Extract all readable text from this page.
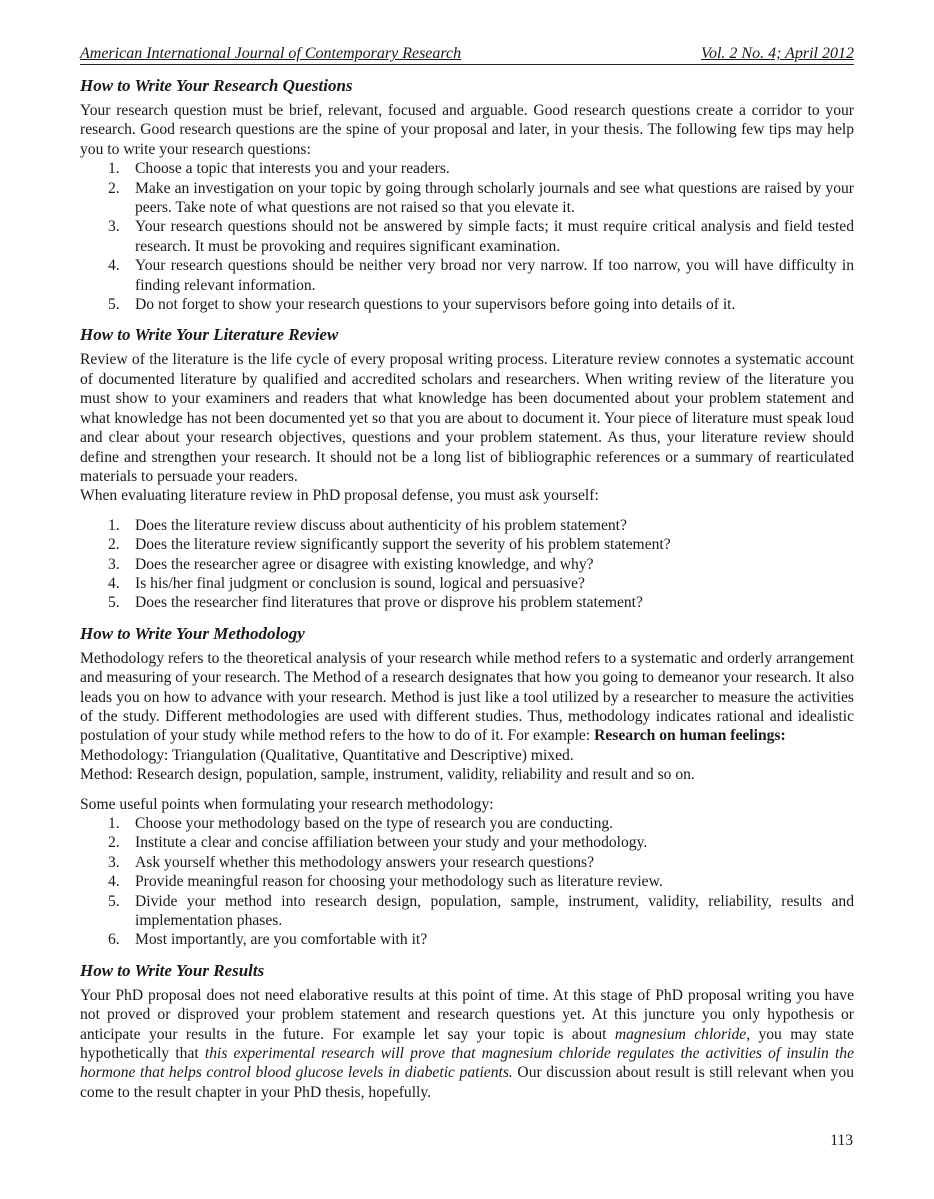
American International Journal of Contemporary Research	Vol. 2 No. 4; April 2012
How to Write Your Research Questions

Your research question must be brief, relevant, focused and arguable. Good research questions create a corridor to your research. Good research questions are the spine of your proposal and later, in your thesis. The following few tips may help you to write your research questions:

1. Choose a topic that interests you and your readers.
2. Make an investigation on your topic by going through scholarly journals and see what questions are raised by your peers. Take note of what questions are not raised so that you elevate it.
3. Your research questions should not be answered by simple facts; it must require critical analysis and field tested research. It must be provoking and requires significant examination.
4. Your research questions should be neither very broad nor very narrow. If too narrow, you will have difficulty in finding relevant information.
5. Do not forget to show your research questions to your supervisors before going into details of it.
How to Write Your Literature Review

Review of the literature is the life cycle of every proposal writing process. Literature review connotes a systematic account of documented literature by qualified and accredited scholars and researchers. When writing review of the literature you must show to your examiners and readers that what knowledge has been documented about your problem statement and what knowledge has not been documented yet so that you are about to document it. Your piece of literature must speak loud and clear about your research objectives, questions and your problem statement. As thus, your literature review should define and strengthen your research. It should not be a long list of bibliographic references or a summary of rearticulated materials to persuade your readers.

When evaluating literature review in PhD proposal defense, you must ask yourself:

1. Does the literature review discuss about authenticity of his problem statement?
2. Does the literature review significantly support the severity of his problem statement?
3. Does the researcher agree or disagree with existing knowledge, and why?
4. Is his/her final judgment or conclusion is sound, logical and persuasive?
5. Does the researcher find literatures that prove or disprove his problem statement?
How to Write Your Methodology

Methodology refers to the theoretical analysis of your research while method refers to a systematic and orderly arrangement and measuring of your research. The Method of a research designates that how you going to demeanor your research. It also leads you on how to advance with your research. Method is just like a tool utilized by a researcher to measure the activities of the study. Different methodologies are used with different studies. Thus, methodology indicates rational and idealistic postulation of your study while method refers to the how to do of it. For example: Research on human feelings:

Methodology: Triangulation (Qualitative, Quantitative and Descriptive) mixed.

Method: Research design, population, sample, instrument, validity, reliability and result and so on.

Some useful points when formulating your research methodology:

1. Choose your methodology based on the type of research you are conducting.
2. Institute a clear and concise affiliation between your study and your methodology.
3. Ask yourself whether this methodology answers your research questions?
4. Provide meaningful reason for choosing your methodology such as literature review.
5. Divide your method into research design, population, sample, instrument, validity, reliability, results and implementation phases.
6. Most importantly, are you comfortable with it?
How to Write Your Results

Your PhD proposal does not need elaborative results at this point of time. At this stage of PhD proposal writing you have not proved or disproved your problem statement and research questions yet. At this juncture you only hypothesis or anticipate your results in the future. For example let say your topic is about magnesium chloride, you may state hypothetically that this experimental research will prove that magnesium chloride regulates the activities of insulin the hormone that helps control blood glucose levels in diabetic patients. Our discussion about result is still relevant when you come to the result chapter in your PhD thesis, hopefully.

113
